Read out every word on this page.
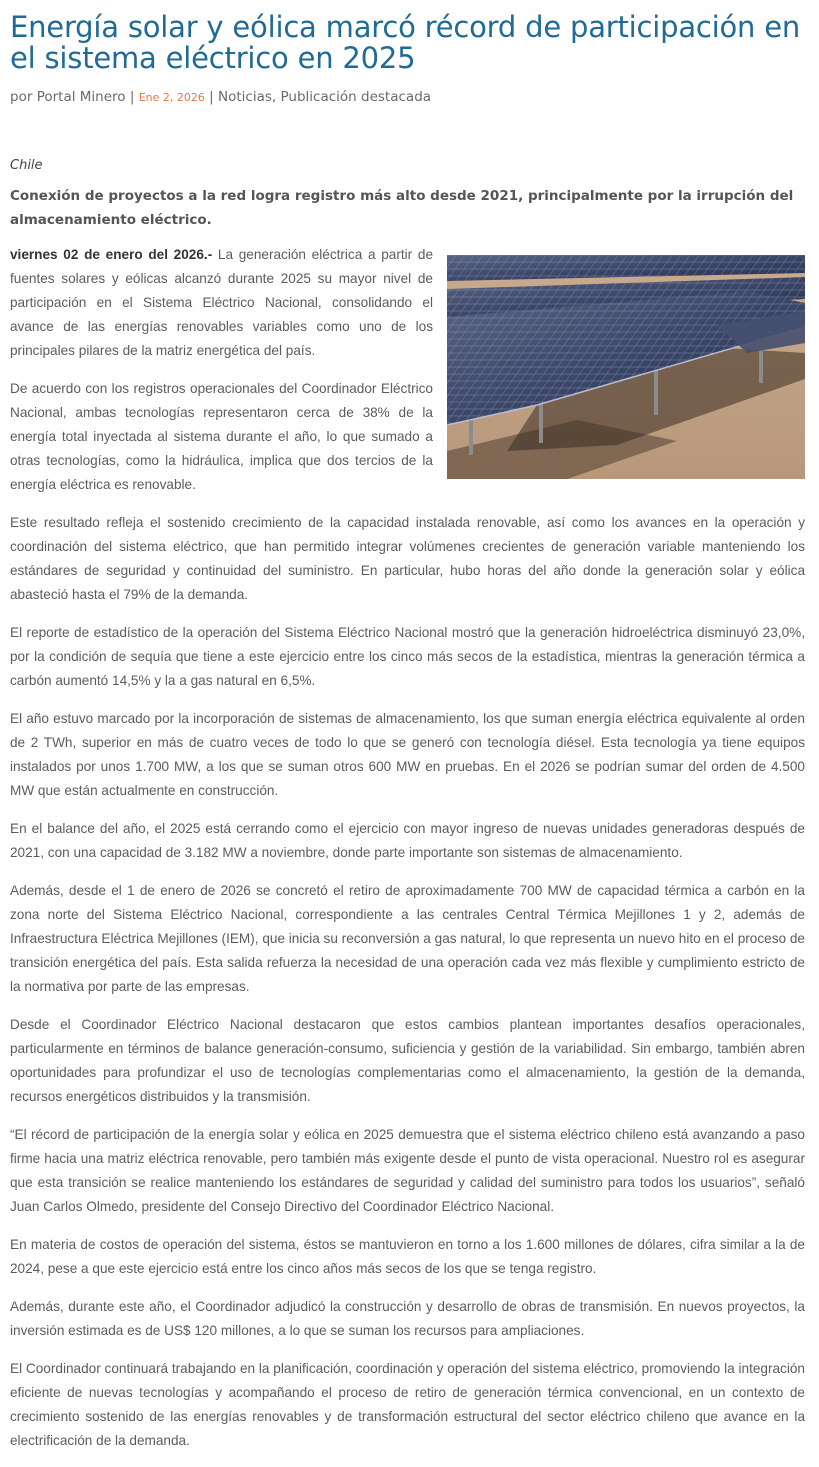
Energía solar y eólica marcó récord de participación en el sistema eléctrico en 2025
por Portal Minero | Ene 2, 2026 | Noticias, Publicación destacada
Chile
Conexión de proyectos a la red logra registro más alto desde 2021, principalmente por la irrupción del almacenamiento eléctrico.

viernes 02 de enero del 2026.- La generación eléctrica a partir de fuentes solares y eólicas alcanzó durante 2025 su mayor nivel de participación en el Sistema Eléctrico Nacional, consolidando el avance de las energías renovables variables como uno de los principales pilares de la matriz energética del país.

De acuerdo con los registros operacionales del Coordinador Eléctrico Nacional, ambas tecnologías representaron cerca de 38% de la energía total inyectada al sistema durante el año, lo que sumado a otras tecnologías, como la hidráulica, implica que dos tercios de la energía eléctrica es renovable.

Este resultado refleja el sostenido crecimiento de la capacidad instalada renovable, así como los avances en la operación y coordinación del sistema eléctrico, que han permitido integrar volúmenes crecientes de generación variable manteniendo los estándares de seguridad y continuidad del suministro. En particular, hubo horas del año donde la generación solar y eólica abasteció hasta el 79% de la demanda.

El reporte de estadístico de la operación del Sistema Eléctrico Nacional mostró que la generación hidroeléctrica disminuyó 23,0%, por la condición de sequía que tiene a este ejercicio entre los cinco más secos de la estadística, mientras la generación térmica a carbón aumentó 14,5% y la a gas natural en 6,5%.

El año estuvo marcado por la incorporación de sistemas de almacenamiento, los que suman energía eléctrica equivalente al orden de 2 TWh, superior en más de cuatro veces de todo lo que se generó con tecnología diésel. Esta tecnología ya tiene equipos instalados por unos 1.700 MW, a los que se suman otros 600 MW en pruebas. En el 2026 se podrían sumar del orden de 4.500 MW que están actualmente en construcción.

En el balance del año, el 2025 está cerrando como el ejercicio con mayor ingreso de nuevas unidades generadoras después de 2021, con una capacidad de 3.182 MW a noviembre, donde parte importante son sistemas de almacenamiento.

Además, desde el 1 de enero de 2026 se concretó el retiro de aproximadamente 700 MW de capacidad térmica a carbón en la zona norte del Sistema Eléctrico Nacional, correspondiente a las centrales Central Térmica Mejillones 1 y 2, además de Infraestructura Eléctrica Mejillones (IEM), que inicia su reconversión a gas natural, lo que representa un nuevo hito en el proceso de transición energética del país. Esta salida refuerza la necesidad de una operación cada vez más flexible y cumplimiento estricto de la normativa por parte de las empresas.

Desde el Coordinador Eléctrico Nacional destacaron que estos cambios plantean importantes desafíos operacionales, particularmente en términos de balance generación-consumo, suficiencia y gestión de la variabilidad. Sin embargo, también abren oportunidades para profundizar el uso de tecnologías complementarias como el almacenamiento, la gestión de la demanda, recursos energéticos distribuidos y la transmisión.

“El récord de participación de la energía solar y eólica en 2025 demuestra que el sistema eléctrico chileno está avanzando a paso firme hacia una matriz eléctrica renovable, pero también más exigente desde el punto de vista operacional. Nuestro rol es asegurar que esta transición se realice manteniendo los estándares de seguridad y calidad del suministro para todos los usuarios”, señaló Juan Carlos Olmedo, presidente del Consejo Directivo del Coordinador Eléctrico Nacional.

En materia de costos de operación del sistema, éstos se mantuvieron en torno a los 1.600 millones de dólares, cifra similar a la de 2024, pese a que este ejercicio está entre los cinco años más secos de los que se tenga registro.

Además, durante este año, el Coordinador adjudicó la construcción y desarrollo de obras de transmisión. En nuevos proyectos, la inversión estimada es de US$ 120 millones, a lo que se suman los recursos para ampliaciones.

El Coordinador continuará trabajando en la planificación, coordinación y operación del sistema eléctrico, promoviendo la integración eficiente de nuevas tecnologías y acompañando el proceso de retiro de generación térmica convencional, en un contexto de crecimiento sostenido de las energías renovables y de transformación estructural del sector eléctrico chileno que avance en la electrificación de la demanda.
